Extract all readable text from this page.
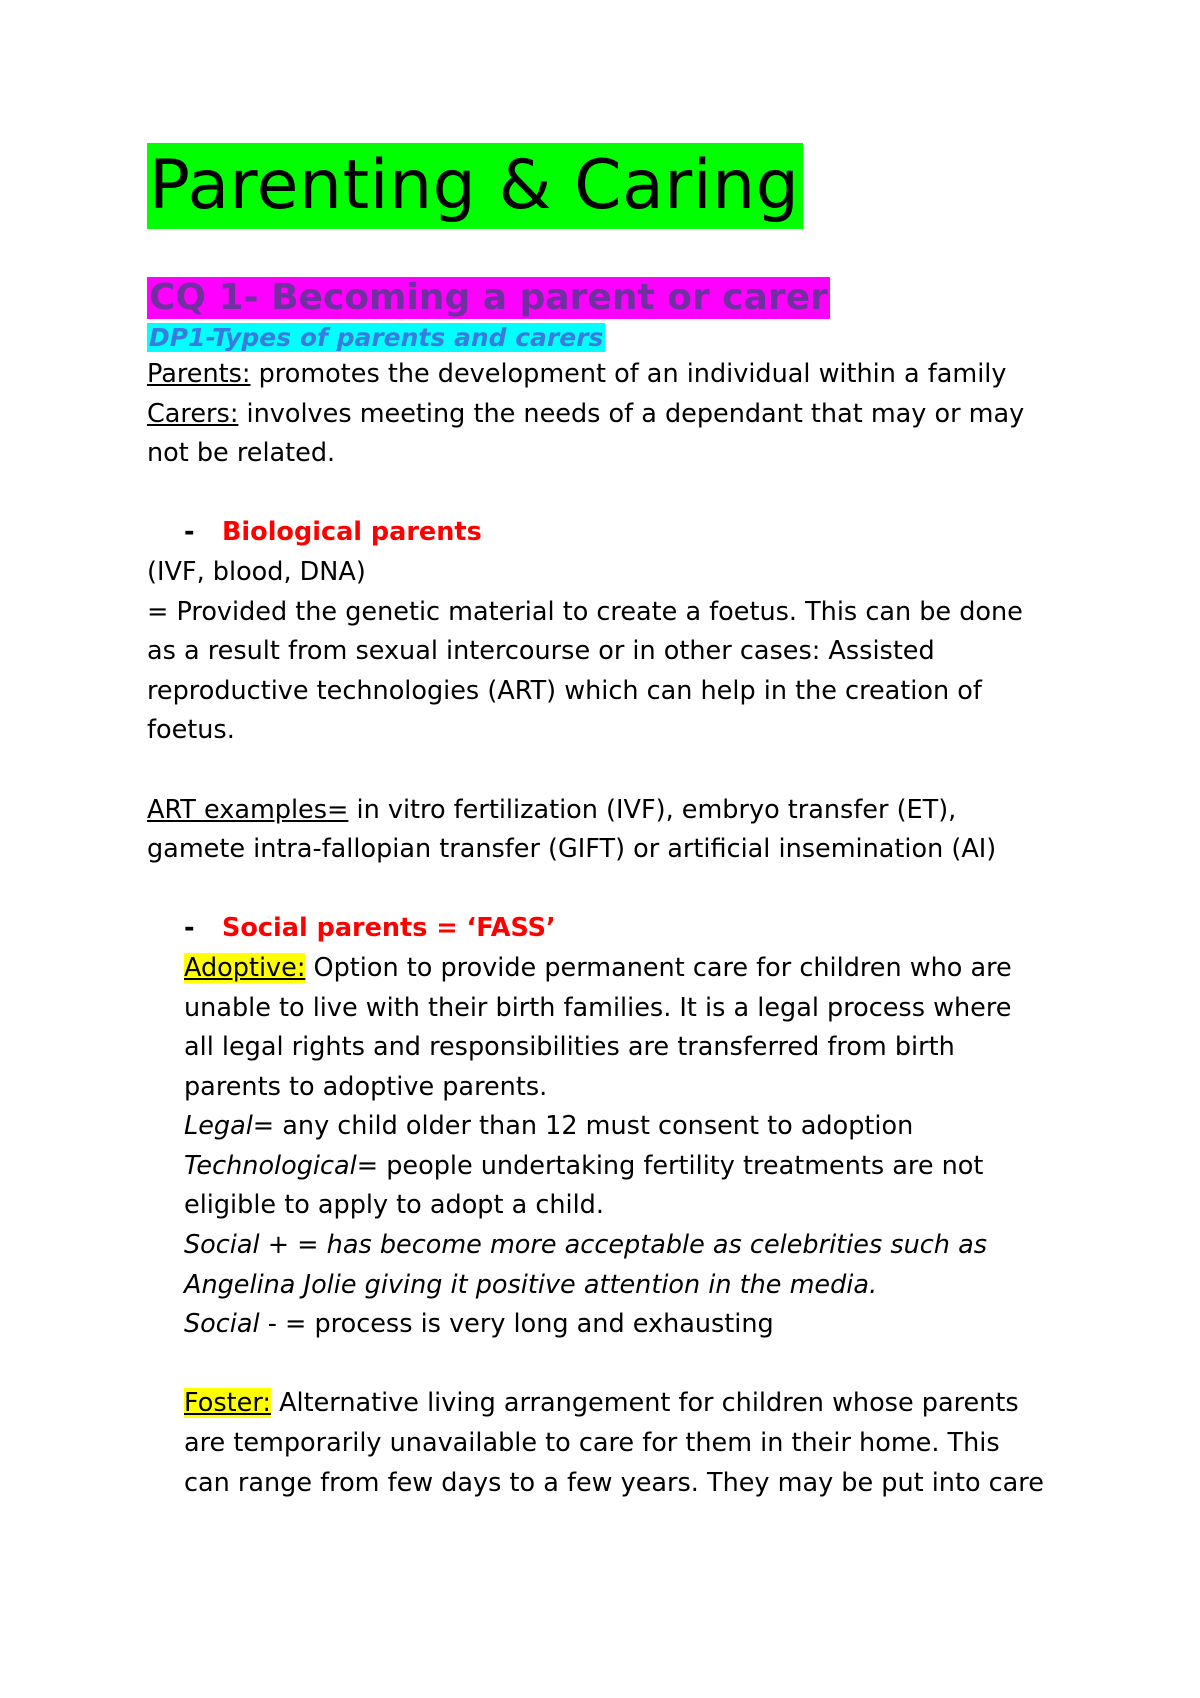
Parenting & Caring
CQ 1- Becoming a parent or carer
DP1-Types of parents and carers

Parents: promotes the development of an individual within a family

Carers: involves meeting the needs of a dependant that may or may
not be related.

- Biological parents

(IVF, blood, DNA)

= Provided the genetic material to create a foetus. This can be done
as a result from sexual intercourse or in other cases: Assisted
reproductive technologies (ART) which can help in the creation of
foetus.

ART examples= in vitro fertilization (IVF), embryo transfer (ET),
gamete intra-fallopian transfer (GIFT) or artificial insemination (AI)

- Social parents = ‘FASS’

Adoptive: Option to provide permanent care for children who are
unable to live with their birth families. It is a legal process where
all legal rights and responsibilities are transferred from birth
parents to adoptive parents.

Legal= any child older than 12 must consent to adoption

Technological= people undertaking fertility treatments are not
eligible to apply to adopt a child.

Social + = has become more acceptable as celebrities such as
Angelina Jolie giving it positive attention in the media.

Social - = process is very long and exhausting

Foster: Alternative living arrangement for children whose parents
are temporarily unavailable to care for them in their home. This
can range from few days to a few years. They may be put into care
